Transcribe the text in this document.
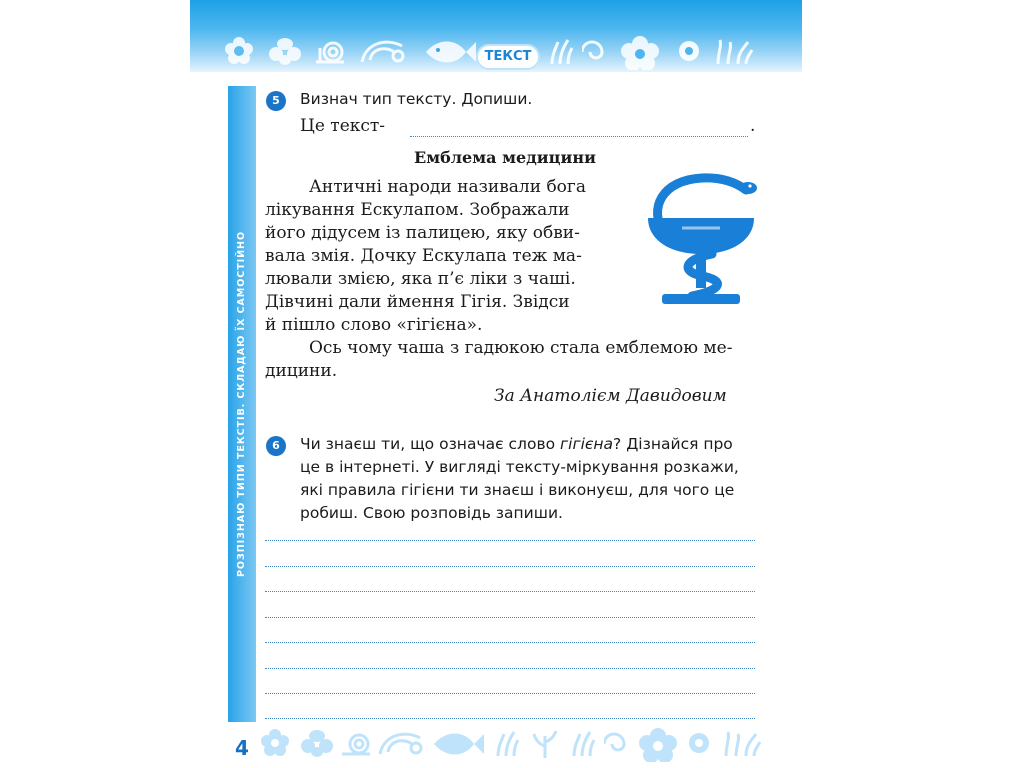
ТЕКСТ
РОЗПІЗНАЮ ТИПИ ТЕКСТІВ. СКЛАДАЮ ЇХ САМОСТІЙНО
5	Визнач тип тексту. Допиши.
Це текст-	.
Емблема медицини
Античні народи називали бога
лікування Ескулапом. Зображали
його дідусем із палицею, яку обви-
вала змія. Дочку Ескулапа теж ма-
лювали змією, яка п’є ліки з чаші.
Дівчині дали ймення Гігія. Звідси
й пішло слово «гігієна».
Ось чому чаша з гадюкою стала емблемою ме-
дицини.
За Анатолієм Давидовим
6	Чи знаєш ти, що означає слово гігієна? Дізнайся про
це в інтернеті. У вигляді тексту-міркування розкажи,
які правила гігієни ти знаєш і виконуєш, для чого це
робиш. Свою розповідь запиши.
4
